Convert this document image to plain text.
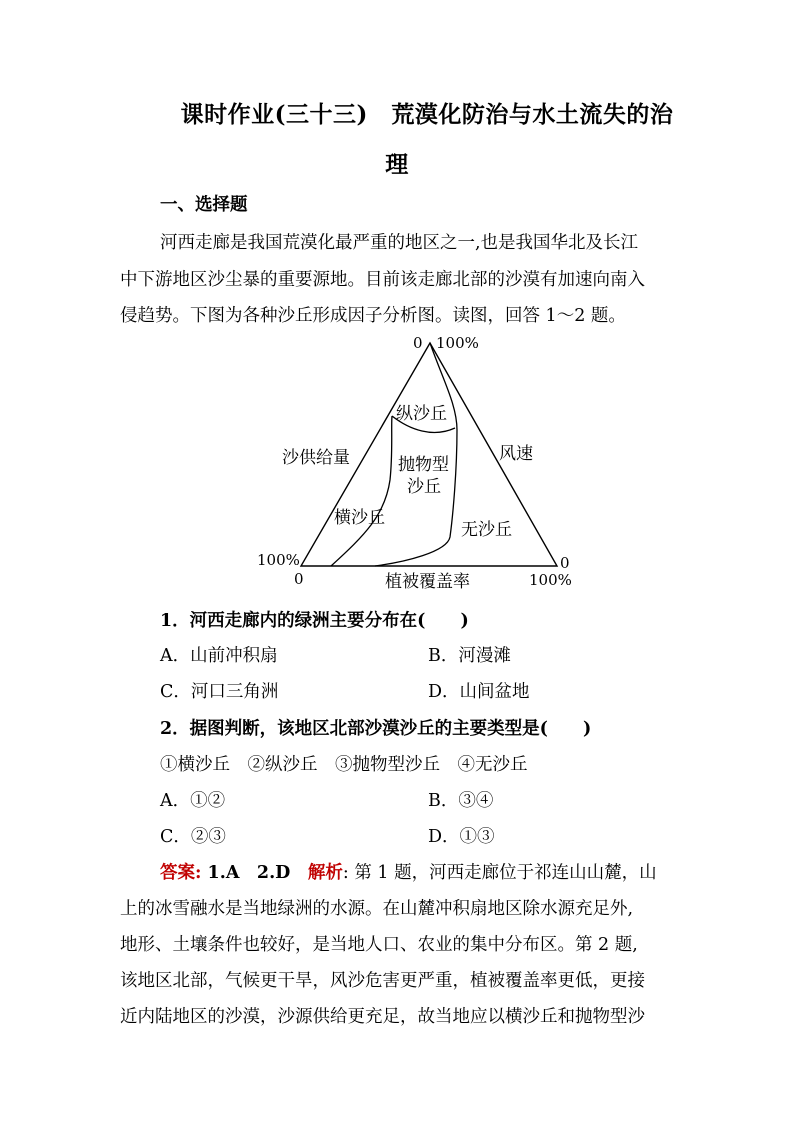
课时作业(三十三)　荒漠化防治与水土流失的治
理
一、选择题
河西走廊是我国荒漠化最严重的地区之一,也是我国华北及长江
中下游地区沙尘暴的重要源地。目前该走廊北部的沙漠有加速向南入
侵趋势。下图为各种沙丘形成因子分析图。读图，回答 1～2 题。
0 100%
纵沙丘
沙供给量	风速
抛物型
沙丘
横沙丘
无沙丘
100%
0	植被覆盖率
0
100%
1．河西走廊内的绿洲主要分布在(　　)
A．山前冲积扇	B．河漫滩
C．河口三角洲	D．山间盆地
2．据图判断，该地区北部沙漠沙丘的主要类型是(　　)
①横沙丘　②纵沙丘　③抛物型沙丘　④无沙丘
A．①②	B．③④
C．②③	D．①③
答案: 1.A　2.D　解析: 第 1 题，河西走廊位于祁连山山麓，山
上的冰雪融水是当地绿洲的水源。在山麓冲积扇地区除水源充足外,
地形、土壤条件也较好，是当地人口、农业的集中分布区。第 2 题,
该地区北部，气候更干旱，风沙危害更严重，植被覆盖率更低，更接
近内陆地区的沙漠，沙源供给更充足，故当地应以横沙丘和抛物型沙
